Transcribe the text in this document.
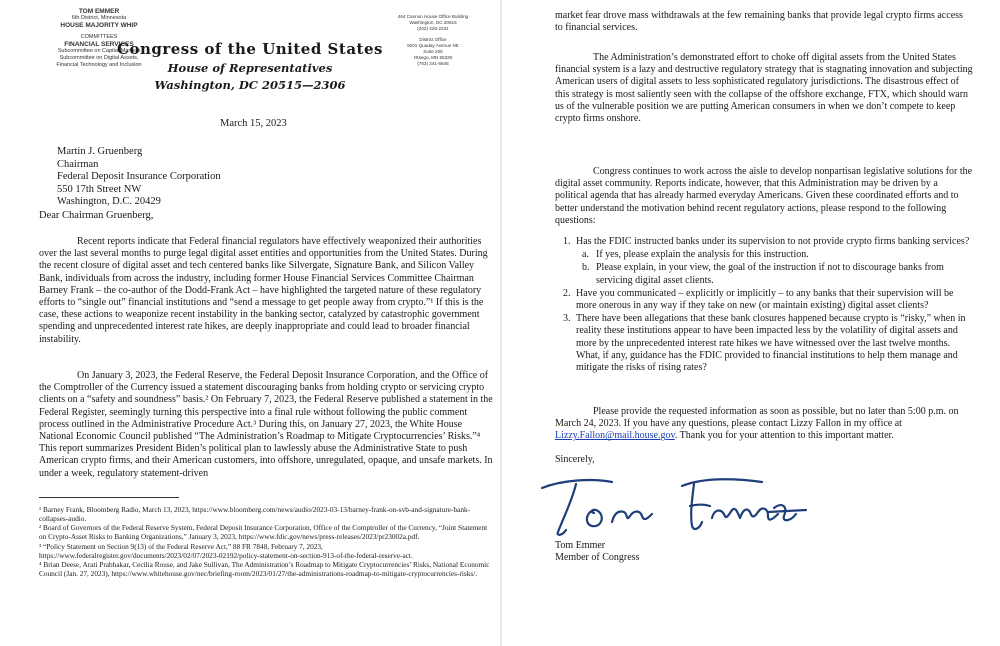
TOM EMMER
6th District, Minnesota
HOUSE MAJORITY WHIP
COMMITTEES
FINANCIAL SERVICES
Subcommittee on Capital Markets
Subcommittee on Digital Assets,
Financial Technology and Inclusion
Congress of the United States
House of Representatives
Washington, DC 20515—2306
464 Cannon House Office Building
Washington, DC 20515
(202) 225-2331
District Office
9201 Quaday Avenue NE
Suite 206
Otsego, MN 55330
(763) 241-6848
March 15, 2023
Martin J. Gruenberg
Chairman
Federal Deposit Insurance Corporation
550 17th Street NW
Washington, D.C. 20429
Dear Chairman Gruenberg,
Recent reports indicate that Federal financial regulators have effectively weaponized their authorities over the last several months to purge legal digital asset entities and opportunities from the United States. During the recent closure of digital asset and tech centered banks like Silvergate, Signature Bank, and Silicon Valley Bank, individuals from across the industry, including former House Financial Services Committee Chairman Barney Frank – the co-author of the Dodd-Frank Act – have highlighted the targeted nature of these regulatory efforts to “single out” financial institutions and “send a message to get people away from crypto.”¹ If this is the case, these actions to weaponize recent instability in the banking sector, catalyzed by catastrophic government spending and unprecedented interest rate hikes, are deeply inappropriate and could lead to broader financial instability.
On January 3, 2023, the Federal Reserve, the Federal Deposit Insurance Corporation, and the Office of the Comptroller of the Currency issued a statement discouraging banks from holding crypto or servicing crypto clients on a “safety and soundness” basis.² On February 7, 2023, the Federal Reserve published a statement in the Federal Register, seemingly turning this perspective into a final rule without following the public comment process outlined in the Administrative Procedure Act.³ During this, on January 27, 2023, the White House National Economic Council published “The Administration’s Roadmap to Mitigate Cryptocurrencies’ Risks.”⁴ This report summarizes President Biden’s political plan to lawlessly abuse the Administrative State to push American crypto firms, and their American customers, into offshore, unregulated, opaque, and unsafe markets. In under a week, regulatory statement-driven
¹ Barney Frank, Bloomberg Radio, March 13, 2023, https://www.bloomberg.com/news/audio/2023-03-13/barney-frank-on-svb-and-signature-bank-collapses-audio.
² Board of Governors of the Federal Reserve System, Federal Deposit Insurance Corporation, Office of the Comptroller of the Currency, “Joint Statement on Crypto-Asset Risks to Banking Organizations,” January 3, 2023, https://www.fdic.gov/news/press-releases/2023/pr23002a.pdf.
³ “Policy Statement on Section 9(13) of the Federal Reserve Act,” 88 FR 7848, February 7, 2023, https://www.federalregister.gov/documents/2023/02/07/2023-02192/policy-statement-on-section-913-of-the-federal-reserve-act.
⁴ Brian Deese, Arati Prabhakar, Cecilia Rouse, and Jake Sullivan, The Administration’s Roadmap to Mitigate Cryptocurrencies’ Risks, National Economic Council (Jan. 27, 2023), https://www.whitehouse.gov/nec/briefing-room/2023/01/27/the-administrations-roadmap-to-mitigate-cryptocurrencies-risks/.
market fear drove mass withdrawals at the few remaining banks that provide legal crypto firms access to financial services.
The Administration’s demonstrated effort to choke off digital assets from the United States financial system is a lazy and destructive regulatory strategy that is stagnating innovation and subjecting American users of digital assets to less sophisticated regulatory jurisdictions. The disastrous effect of this strategy is most saliently seen with the collapse of the offshore exchange, FTX, which should warn us of the vulnerable position we are putting American consumers in when we don’t compete to keep crypto firms onshore.
Congress continues to work across the aisle to develop nonpartisan legislative solutions for the digital asset community. Reports indicate, however, that this Administration may be driven by a political agenda that has already harmed everyday Americans. Given these coordinated efforts and to better understand the motivation behind recent regulatory actions, please respond to the following questions:
1. Has the FDIC instructed banks under its supervision to not provide crypto firms banking services?
a. If yes, please explain the analysis for this instruction.
b. Please explain, in your view, the goal of the instruction if not to discourage banks from servicing digital asset clients.
2. Have you communicated – explicitly or implicitly – to any banks that their supervision will be more onerous in any way if they take on new (or maintain existing) digital asset clients?
3. There have been allegations that these bank closures happened because crypto is “risky,” when in reality these institutions appear to have been impacted less by the volatility of digital assets and more by the unprecedented interest rate hikes we have witnessed over the last twelve months. What, if any, guidance has the FDIC provided to financial institutions to help them manage and mitigate the risks of rising rates?
Please provide the requested information as soon as possible, but no later than 5:00 p.m. on March 24, 2023. If you have any questions, please contact Lizzy Fallon in my office at Lizzy.Fallon@mail.house.gov. Thank you for your attention to this important matter.
Sincerely,
Tom Emmer
Member of Congress
